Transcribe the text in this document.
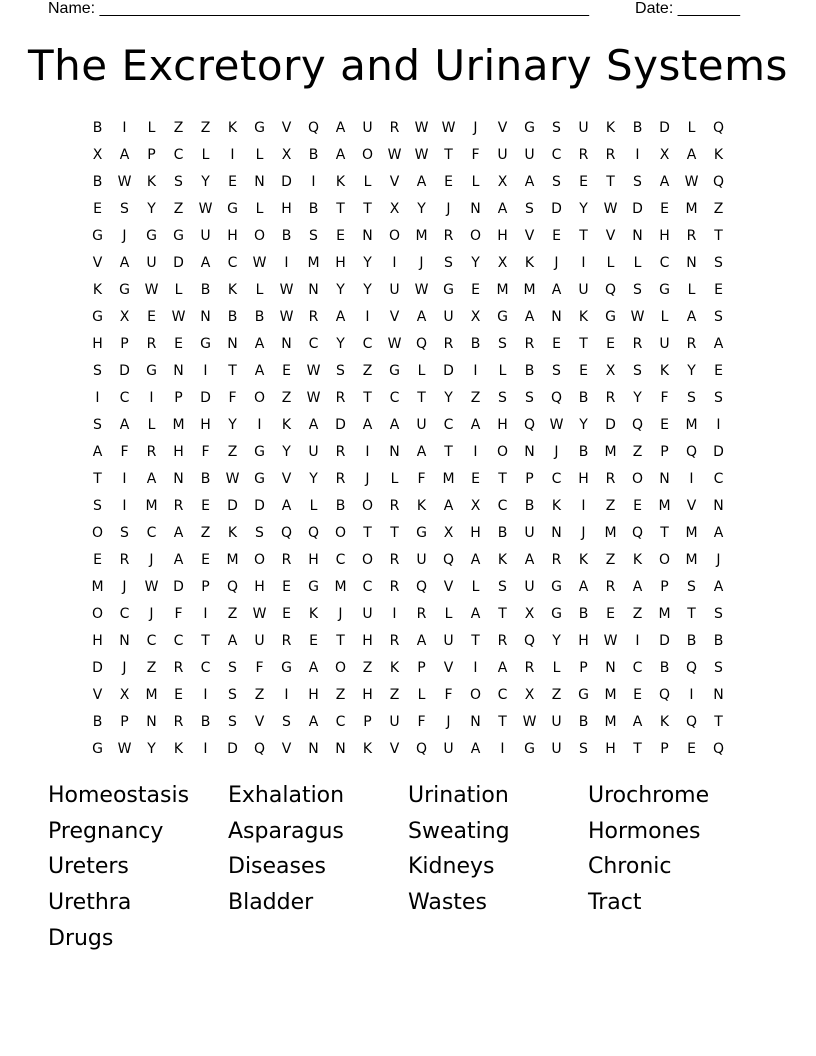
Name: _______________________________________________________	Date: _______
The Excretory and Urinary Systems
B	I	L	Z	Z	K	G	V	Q	A	U	R	W W	J	V	G	S	U	K	B	D	L	Q
X	A	P	C	L	I	L	X	B	A	O	W W	T	F	U	U	C	R	R	I	X	A	K
B	W	K	S	Y	E	N	D	I	K	L	V	A	E	L	X	A	S	E	T	S	A	W	Q
E	S	Y	Z	W	G	L	H	B	T	T	X	Y	J	N	A	S	D	Y	W	D	E	M	Z
G	J	G	G	U	H	O	B	S	E	N	O	M	R	O	H	V	E	T	V	N	H	R	T
V	A	U	D	A	C	W	I	M	H	Y	I	J	S	Y	X	K	J	I	L	L	C	N	S
K	G	W	L	B	K	L	W	N	Y	Y	U	W	G	E	M	M	A	U	Q	S	G	L	E
G	X	E	W	N	B	B	W	R	A	I	V	A	U	X	G	A	N	K	G	W	L	A	S
H	P	R	E	G	N	A	N	C	Y	C	W	Q	R	B	S	R	E	T	E	R	U	R	A
S	D	G	N	I	T	A	E	W	S	Z	G	L	D	I	L	B	S	E	X	S	K	Y	E
I	C	I	P	D	F	O	Z	W	R	T	C	T	Y	Z	S	S	Q	B	R	Y	F	S	S
S	A	L	M	H	Y	I	K	A	D	A	A	U	C	A	H	Q	W	Y	D	Q	E	M	I
A	F	R	H	F	Z	G	Y	U	R	I	N	A	T	I	O	N	J	B	M	Z	P	Q	D
T	I	A	N	B	W	G	V	Y	R	J	L	F	M	E	T	P	C	H	R	O	N	I	C
S	I	M	R	E	D	D	A	L	B	O	R	K	A	X	C	B	K	I	Z	E	M	V	N
O	S	C	A	Z	K	S	Q	Q	O	T	T	G	X	H	B	U	N	J	M	Q	T	M	A
E	R	J	A	E	M	O	R	H	C	O	R	U	Q	A	K	A	R	K	Z	K	O	M	J
M	J	W	D	P	Q	H	E	G	M	C	R	Q	V	L	S	U	G	A	R	A	P	S	A
O	C	J	F	I	Z	W	E	K	J	U	I	R	L	A	T	X	G	B	E	Z	M	T	S
H	N	C	C	T	A	U	R	E	T	H	R	A	U	T	R	Q	Y	H	W	I	D	B	B
D	J	Z	R	C	S	F	G	A	O	Z	K	P	V	I	A	R	L	P	N	C	B	Q	S
V	X	M	E	I	S	Z	I	H	Z	H	Z	L	F	O	C	X	Z	G	M	E	Q	I	N
B	P	N	R	B	S	V	S	A	C	P	U	F	J	N	T	W	U	B	M	A	K	Q	T
G	W	Y	K	I	D	Q	V	N	N	K	V	Q	U	A	I	G	U	S	H	T	P	E	Q
Homeostasis	Exhalation	Urination	Urochrome
Pregnancy	Asparagus	Sweating	Hormones
Ureters	Diseases	Kidneys	Chronic
Urethra	Bladder	Wastes	Tract
Drugs
